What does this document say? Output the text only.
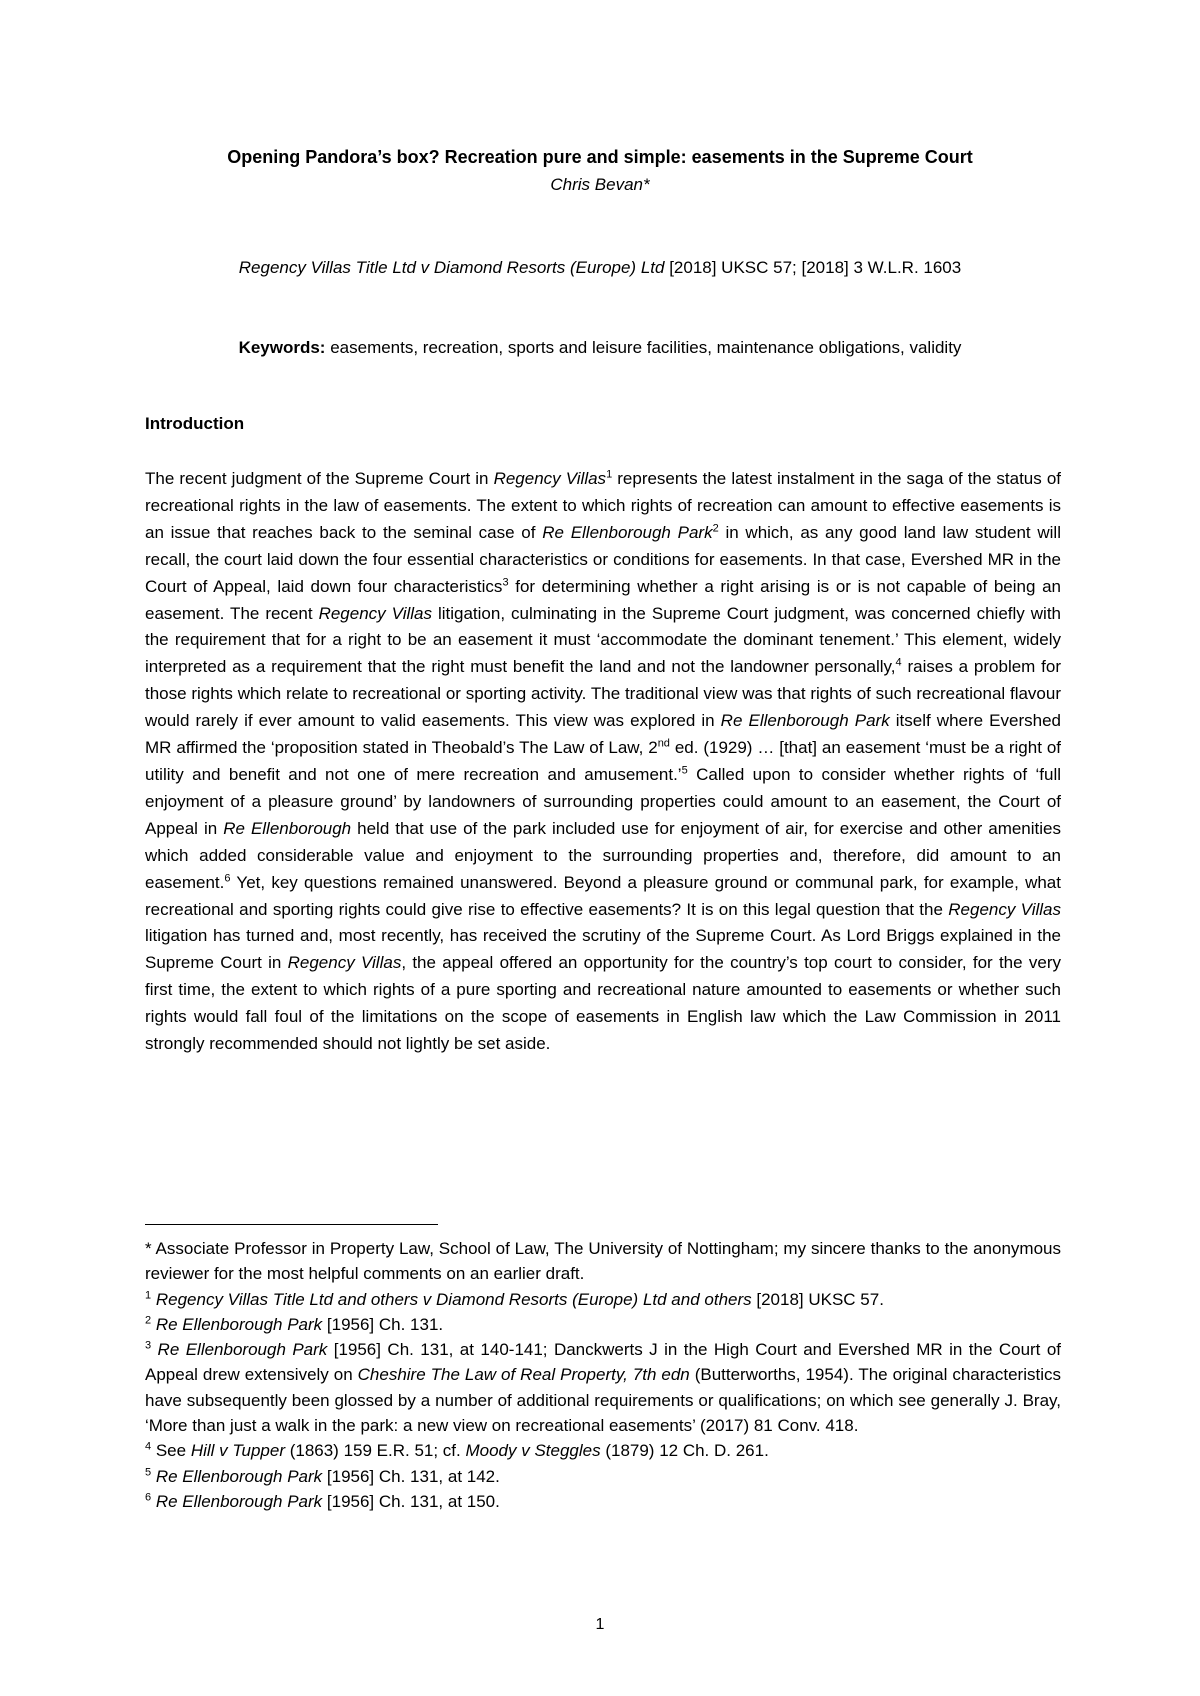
Opening Pandora’s box? Recreation pure and simple: easements in the Supreme Court

Chris Bevan*

Regency Villas Title Ltd v Diamond Resorts (Europe) Ltd [2018] UKSC 57; [2018] 3 W.L.R. 1603

Keywords: easements, recreation, sports and leisure facilities, maintenance obligations, validity

Introduction

The recent judgment of the Supreme Court in Regency Villas$^1$ represents the latest instalment in the saga of the status of recreational rights in the law of easements. The extent to which rights of recreation can amount to effective easements is an issue that reaches back to the seminal case of Re Ellenborough Park$^2$ in which, as any good land law student will recall, the court laid down the four essential characteristics or conditions for easements. In that case, Evershed MR in the Court of Appeal, laid down four characteristics$^3$ for determining whether a right arising is or is not capable of being an easement. The recent Regency Villas litigation, culminating in the Supreme Court judgment, was concerned chiefly with the requirement that for a right to be an easement it must ‘accommodate the dominant tenement.’ This element, widely interpreted as a requirement that the right must benefit the land and not the landowner personally,$^4$ raises a problem for those rights which relate to recreational or sporting activity. The traditional view was that rights of such recreational flavour would rarely if ever amount to valid easements. This view was explored in Re Ellenborough Park itself where Evershed MR affirmed the ‘proposition stated in Theobald’s The Law of Law, 2nd ed. (1929) … [that] an easement ‘must be a right of utility and benefit and not one of mere recreation and amusement.’$^5$ Called upon to consider whether rights of ‘full enjoyment of a pleasure ground’ by landowners of surrounding properties could amount to an easement, the Court of Appeal in Re Ellenborough held that use of the park included use for enjoyment of air, for exercise and other amenities which added considerable value and enjoyment to the surrounding properties and, therefore, did amount to an easement.$^6$ Yet, key questions remained unanswered. Beyond a pleasure ground or communal park, for example, what recreational and sporting rights could give rise to effective easements? It is on this legal question that the Regency Villas litigation has turned and, most recently, has received the scrutiny of the Supreme Court. As Lord Briggs explained in the Supreme Court in Regency Villas, the appeal offered an opportunity for the country’s top court to consider, for the very first time, the extent to which rights of a pure sporting and recreational nature amounted to easements or whether such rights would fall foul of the limitations on the scope of easements in English law which the Law Commission in 2011 strongly recommended should not lightly be set aside.

* Associate Professor in Property Law, School of Law, The University of Nottingham; my sincere thanks to the anonymous reviewer for the most helpful comments on an earlier draft.

$^1$ Regency Villas Title Ltd and others v Diamond Resorts (Europe) Ltd and others [2018] UKSC 57.

$^2$ Re Ellenborough Park [1956] Ch. 131.

$^3$ Re Ellenborough Park [1956] Ch. 131, at 140-141; Danckwerts J in the High Court and Evershed MR in the Court of Appeal drew extensively on Cheshire The Law of Real Property, 7th edn (Butterworths, 1954). The original characteristics have subsequently been glossed by a number of additional requirements or qualifications; on which see generally J. Bray, ‘More than just a walk in the park: a new view on recreational easements’ (2017) 81 Conv. 418.

$^4$ See Hill v Tupper (1863) 159 E.R. 51; cf. Moody v Steggles (1879) 12 Ch. D. 261.

$^5$ Re Ellenborough Park [1956] Ch. 131, at 142.

$^6$ Re Ellenborough Park [1956] Ch. 131, at 150.

1
